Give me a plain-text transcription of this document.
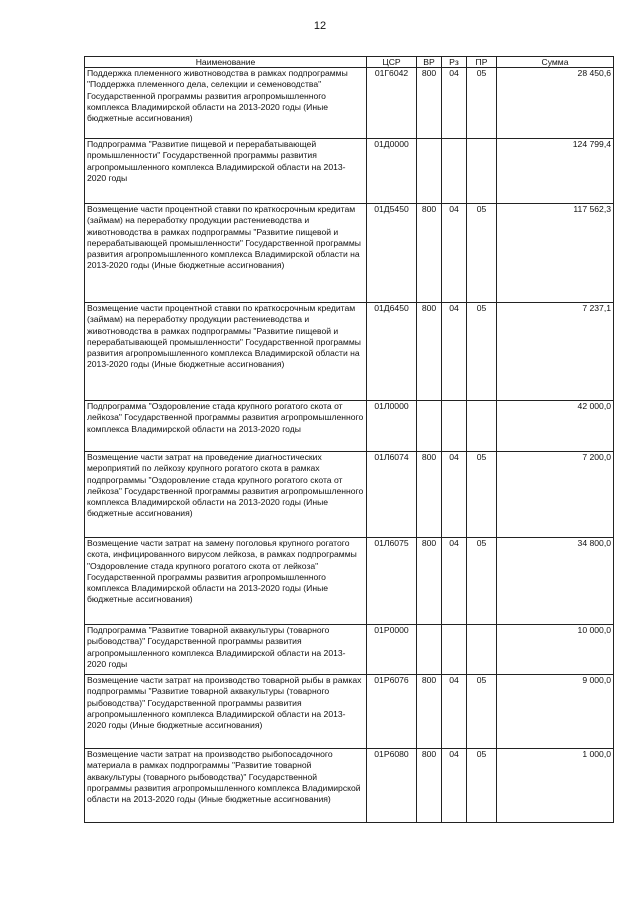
12
Наименование	ЦСР	ВР	Рз	ПР	Сумма
Поддержка племенного животноводства в рамках подпрограммы "Поддержка племенного дела, селекции и семеноводства" Государственной программы развития агропромышленного комплекса Владимирской области на 2013-2020 годы (Иные бюджетные ассигнования)	01Г6042	800	04	05	28 450,6
Подпрограмма "Развитие пищевой и перерабатывающей промышленности" Государственной программы развития агропромышленного комплекса Владимирской области на 2013-2020 годы	01Д0000				124 799,4
Возмещение части процентной ставки по краткосрочным кредитам (займам) на переработку продукции растениеводства и животноводства в рамках подпрограммы "Развитие пищевой и перерабатывающей промышленности" Государственной программы развития агропромышленного комплекса Владимирской области на 2013-2020 годы (Иные бюджетные ассигнования)	01Д5450	800	04	05	117 562,3
Возмещение части процентной ставки по краткосрочным кредитам (займам) на переработку продукции растениеводства и животноводства в рамках подпрограммы "Развитие пищевой и перерабатывающей промышленности" Государственной программы развития агропромышленного комплекса Владимирской области на 2013-2020 годы (Иные бюджетные ассигнования)	01Д6450	800	04	05	7 237,1
Подпрограмма "Оздоровление стада крупного рогатого скота от лейкоза" Государственной программы развития агропромышленного комплекса Владимирской области на 2013-2020 годы	01Л0000				42 000,0
Возмещение части затрат на проведение диагностических мероприятий по лейкозу крупного рогатого скота в рамках подпрограммы "Оздоровление стада крупного рогатого скота от лейкоза" Государственной программы развития агропромышленного комплекса Владимирской области на 2013-2020 годы (Иные бюджетные ассигнования)	01Л6074	800	04	05	7 200,0
Возмещение части затрат на замену поголовья крупного рогатого скота, инфицированного вирусом лейкоза, в рамках подпрограммы "Оздоровление стада крупного рогатого скота от лейкоза" Государственной программы развития агропромышленного комплекса Владимирской области на 2013-2020 годы (Иные бюджетные ассигнования)	01Л6075	800	04	05	34 800,0
Подпрограмма "Развитие товарной аквакультуры (товарного рыбоводства)" Государственной программы развития агропромышленного комплекса Владимирской области на 2013-2020 годы	01Р0000				10 000,0
Возмещение части затрат на производство товарной рыбы в рамках подпрограммы "Развитие товарной аквакультуры (товарного рыбоводства)" Государственной программы развития агропромышленного комплекса Владимирской области на 2013-2020 годы (Иные бюджетные ассигнования)	01Р6076	800	04	05	9 000,0
Возмещение части затрат на производство рыбопосадочного материала в рамках подпрограммы "Развитие товарной аквакультуры (товарного рыбоводства)" Государственной программы развития агропромышленного комплекса Владимирской области на 2013-2020 годы (Иные бюджетные ассигнования)	01Р6080	800	04	05	1 000,0
